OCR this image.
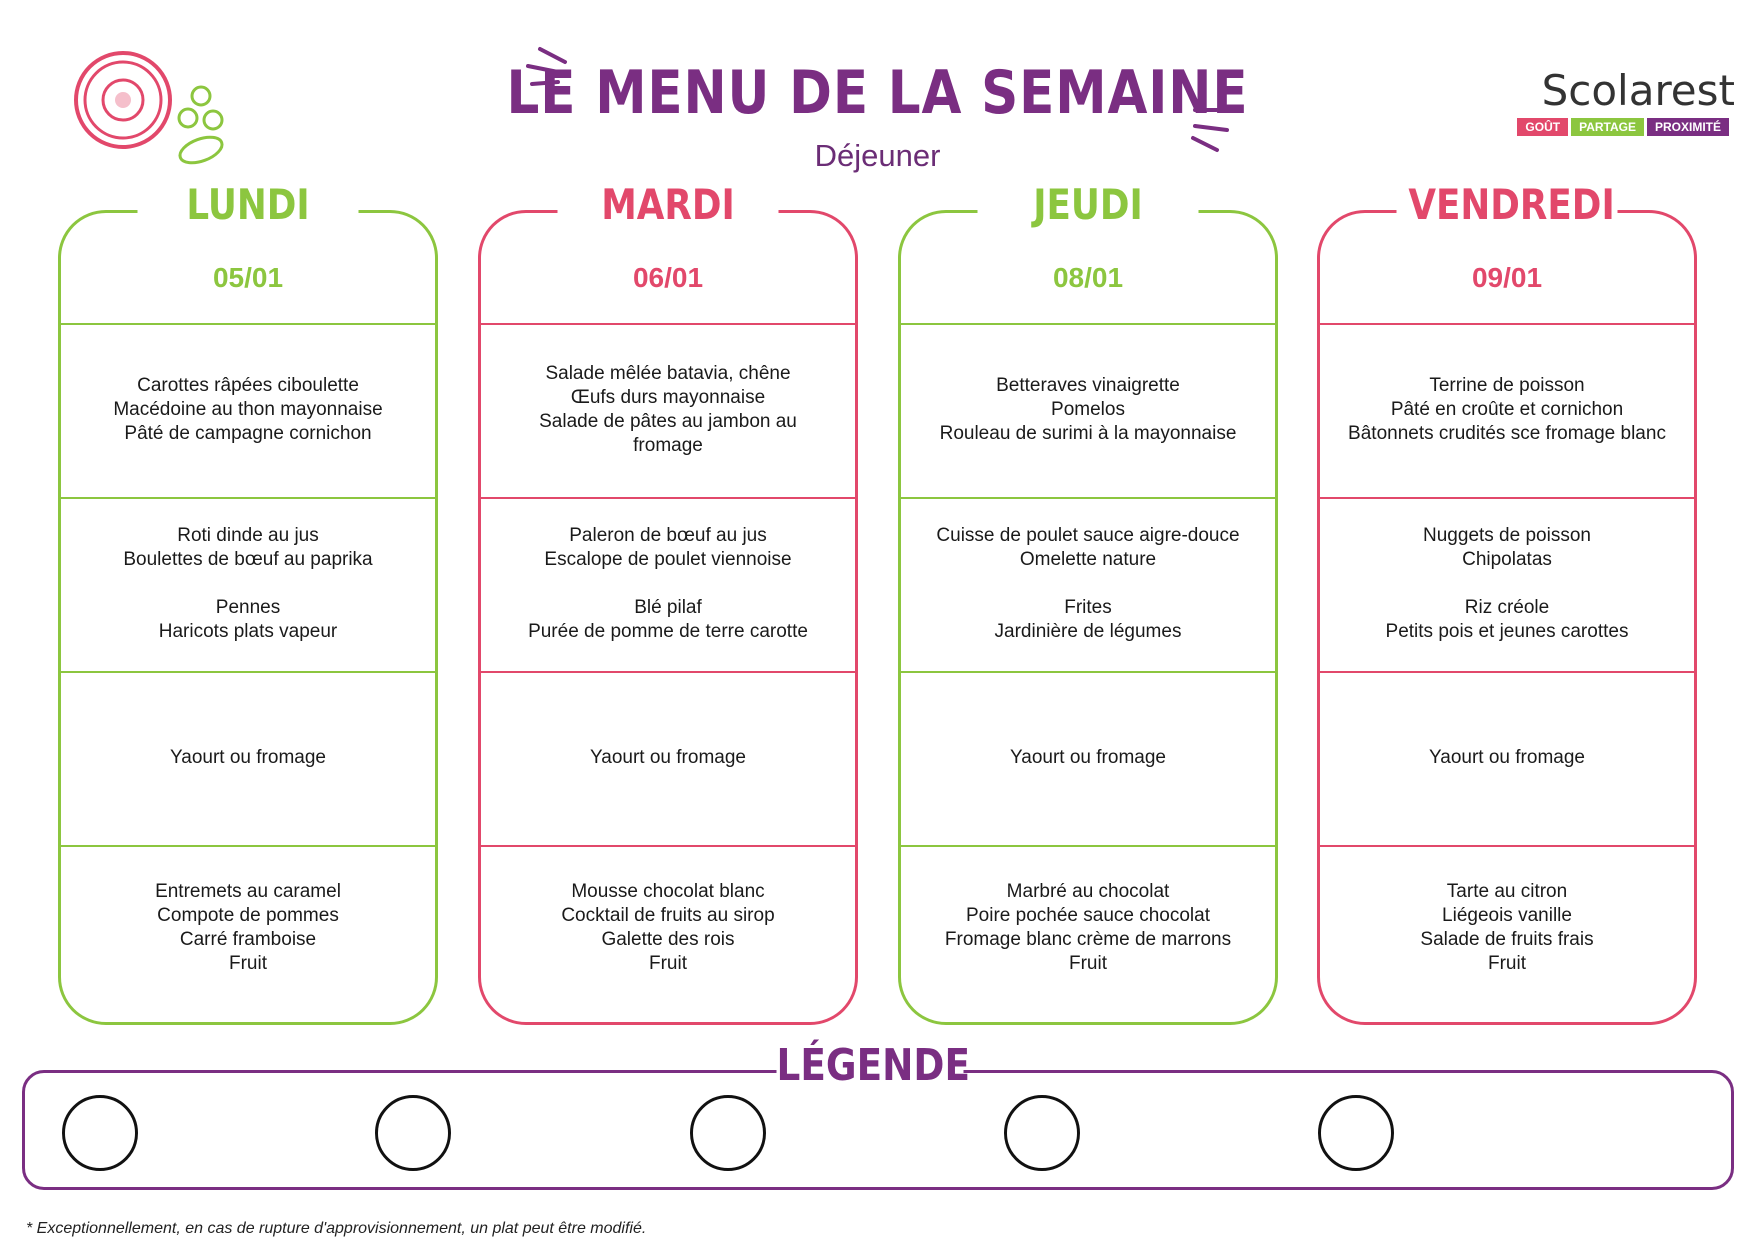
LE MENU DE LA SEMAINE
Déjeuner
Scolarest
GOÛT	PARTAGE	PROXIMITÉ
LUNDI
05/01
Carottes râpées ciboulette
Macédoine au thon mayonnaise
Pâté de campagne cornichon
Roti dinde au jus
Boulettes de bœuf au paprika
Pennes
Haricots plats vapeur
Yaourt ou fromage
Entremets au caramel
Compote de pommes
Carré framboise
Fruit
MARDI
06/01
Salade mêlée batavia, chêne
Œufs durs mayonnaise
Salade de pâtes au jambon au
fromage
Paleron de bœuf au jus
Escalope de poulet viennoise
Blé pilaf
Purée de pomme de terre carotte
Yaourt ou fromage
Mousse chocolat blanc
Cocktail de fruits au sirop
Galette des rois
Fruit
JEUDI
08/01
Betteraves vinaigrette
Pomelos
Rouleau de surimi à la mayonnaise
Cuisse de poulet sauce aigre-douce
Omelette nature
Frites
Jardinière de légumes
Yaourt ou fromage
Marbré au chocolat
Poire pochée sauce chocolat
Fromage blanc crème de marrons
Fruit
VENDREDI
09/01
Terrine de poisson
Pâté en croûte et cornichon
Bâtonnets crudités sce fromage blanc
Nuggets de poisson
Chipolatas
Riz créole
Petits pois et jeunes carottes
Yaourt ou fromage
Tarte au citron
Liégeois vanille
Salade de fruits frais
Fruit
LÉGENDE
* Exceptionnellement, en cas de rupture d'approvisionnement, un plat peut être modifié.
